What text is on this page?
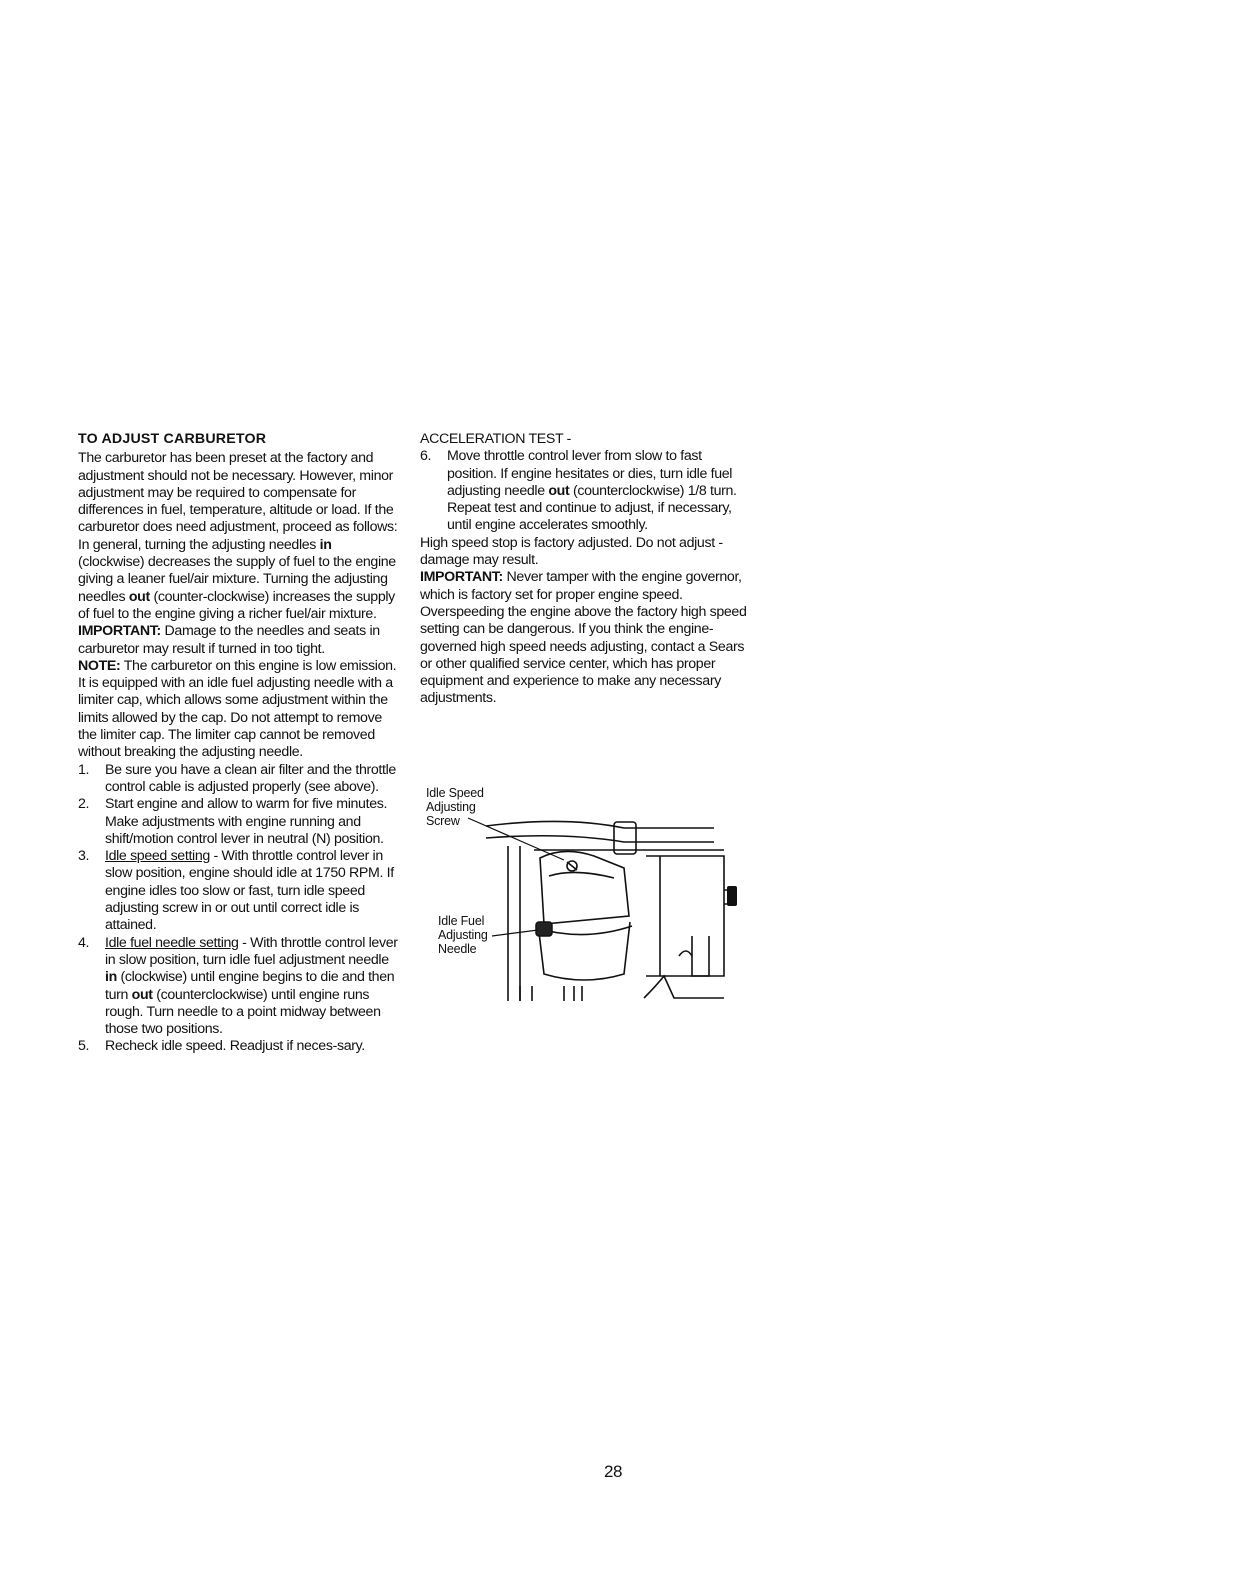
TO ADJUST CARBURETOR

The carburetor has been preset at the factory and adjustment should not be necessary. However, minor adjustment may be required to compensate for differences in fuel, temperature, altitude or load. If the carburetor does need adjustment, proceed as follows:

In general, turning the adjusting needles in (clockwise) decreases the supply of fuel to the engine giving a leaner fuel/air mixture. Turning the adjusting needles out (counter-clockwise) increases the supply of fuel to the engine giving a richer fuel/air mixture.

IMPORTANT: Damage to the needles and seats in carburetor may result if turned in too tight.

NOTE: The carburetor on this engine is low emission. It is equipped with an idle fuel adjusting needle with a limiter cap, which allows some adjustment within the limits allowed by the cap. Do not attempt to remove the limiter cap. The limiter cap cannot be removed without breaking the adjusting needle.

1. Be sure you have a clean air filter and the throttle control cable is adjusted properly (see above).
2. Start engine and allow to warm for five minutes. Make adjustments with engine running and shift/motion control lever in neutral (N) position.
3. Idle speed setting - With throttle control lever in slow position, engine should idle at 1750 RPM. If engine idles too slow or fast, turn idle speed adjusting screw in or out until correct idle is attained.
4. Idle fuel needle setting - With throttle control lever in slow position, turn idle fuel adjustment needle in (clockwise) until engine begins to die and then turn out (counterclockwise) until engine runs rough. Turn needle to a point midway between those two positions.
5. Recheck idle speed. Readjust if neces-sary.
ACCELERATION TEST -
6. Move throttle control lever from slow to fast position. If engine hesitates or dies, turn idle fuel adjusting needle out (counterclockwise) 1/8 turn. Repeat test and continue to adjust, if necessary, until engine accelerates smoothly.

High speed stop is factory adjusted. Do not adjust - damage may result.

IMPORTANT: Never tamper with the engine governor, which is factory set for proper engine speed. Overspeeding the engine above the factory high speed setting can be dangerous. If you think the engine-governed high speed needs adjusting, contact a Sears or other qualified service center, which has proper equipment and experience to make any necessary adjustments.

Idle Speed
Adjusting
Screw
Idle Fuel
Adjusting
Needle
28
